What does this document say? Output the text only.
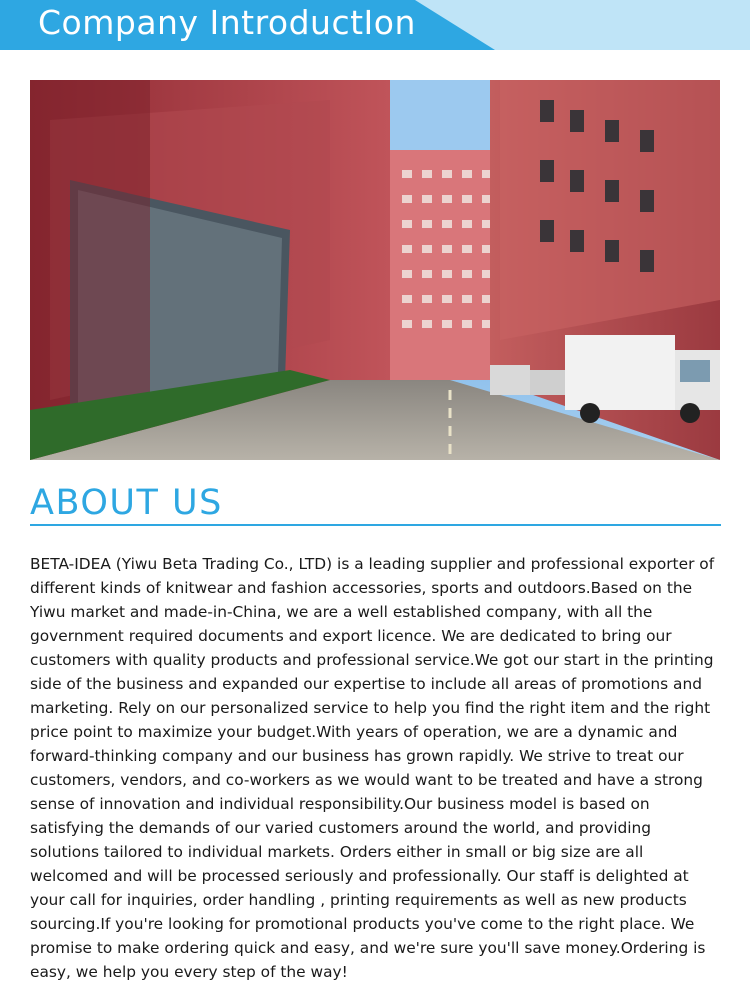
Company IntroductIon
ABOUT US

BETA-IDEA (Yiwu Beta Trading Co., LTD) is a leading supplier and professional exporter of different kinds of knitwear and fashion accessories, sports and outdoors.Based on the Yiwu market and made-in-China, we are a well established company, with all the government required documents and export licence. We are dedicated to bring our customers with quality products and professional service.We got our start in the printing side of the business and expanded our expertise to include all areas of promotions and marketing. Rely on our personalized service to help you find the right item and the right price point to maximize your budget.With years of operation, we are a dynamic and forward-thinking company and our business has grown rapidly. We strive to treat our customers, vendors, and co-workers as we would want to be treated and have a strong sense of innovation and individual responsibility.Our business model is based on satisfying the demands of our varied customers around the world, and providing solutions tailored to individual markets. Orders either in small or big size are all welcomed and will be processed seriously and professionally. Our staff is delighted at your call for inquiries, order handling , printing requirements as well as new products sourcing.If you're looking for promotional products you've come to the right place. We promise to make ordering quick and easy, and we're sure you'll save money.Ordering is easy, we help you every step of the way!
